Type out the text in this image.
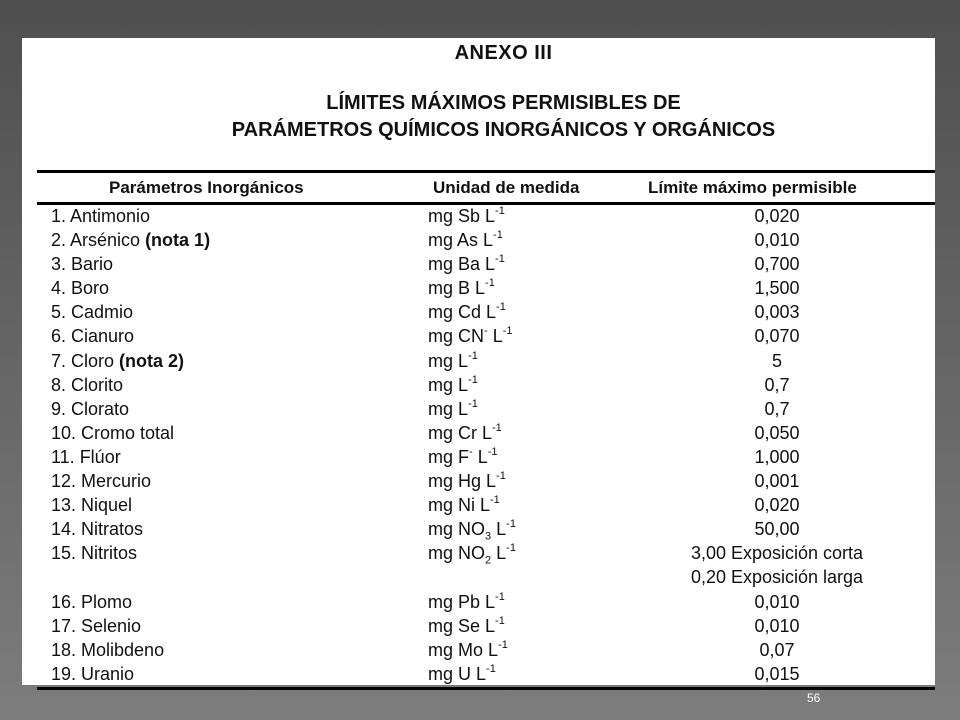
ANEXO III
LÍMITES MÁXIMOS PERMISIBLES DE
PARÁMETROS QUÍMICOS INORGÁNICOS Y ORGÁNICOS
Parámetros Inorgánicos	Unidad de medida	Límite máximo permisible
1. Antimonio	mg Sb $L^{-1}$	0,020
2. Arsénico (nota 1)	mg As $L^{-1}$	0,010
3. Bario	mg Ba $L^{-1}$	0,700
4. Boro	mg B $L^{-1}$	1,500
5. Cadmio	mg Cd $L^{-1}$	0,003
6. Cianuro	mg CN- $L^{-1}$	0,070
7. Cloro (nota 2)	mg $L^{-1}$	5
8. Clorito	mg $L^{-1}$	0,7
9. Clorato	mg $L^{-1}$	0,7
10. Cromo total	mg Cr $L^{-1}$	0,050
11. Flúor	mg F- $L^{-1}$	1,000
12. Mercurio	mg Hg $L^{-1}$	0,001
13. Niquel	mg Ni $L^{-1}$	0,020
14. Nitratos	mg $NO_3$ $L^{-1}$	50,00
15. Nitritos	mg $NO_2$ $L^{-1}$	3,00 Exposición corta
0,20 Exposición larga
16. Plomo	mg Pb $L^{-1}$	0,010
17. Selenio	mg Se $L^{-1}$	0,010
18. Molibdeno	mg Mo $L^{-1}$	0,07
19. Uranio	mg U $L^{-1}$	0,015
56
